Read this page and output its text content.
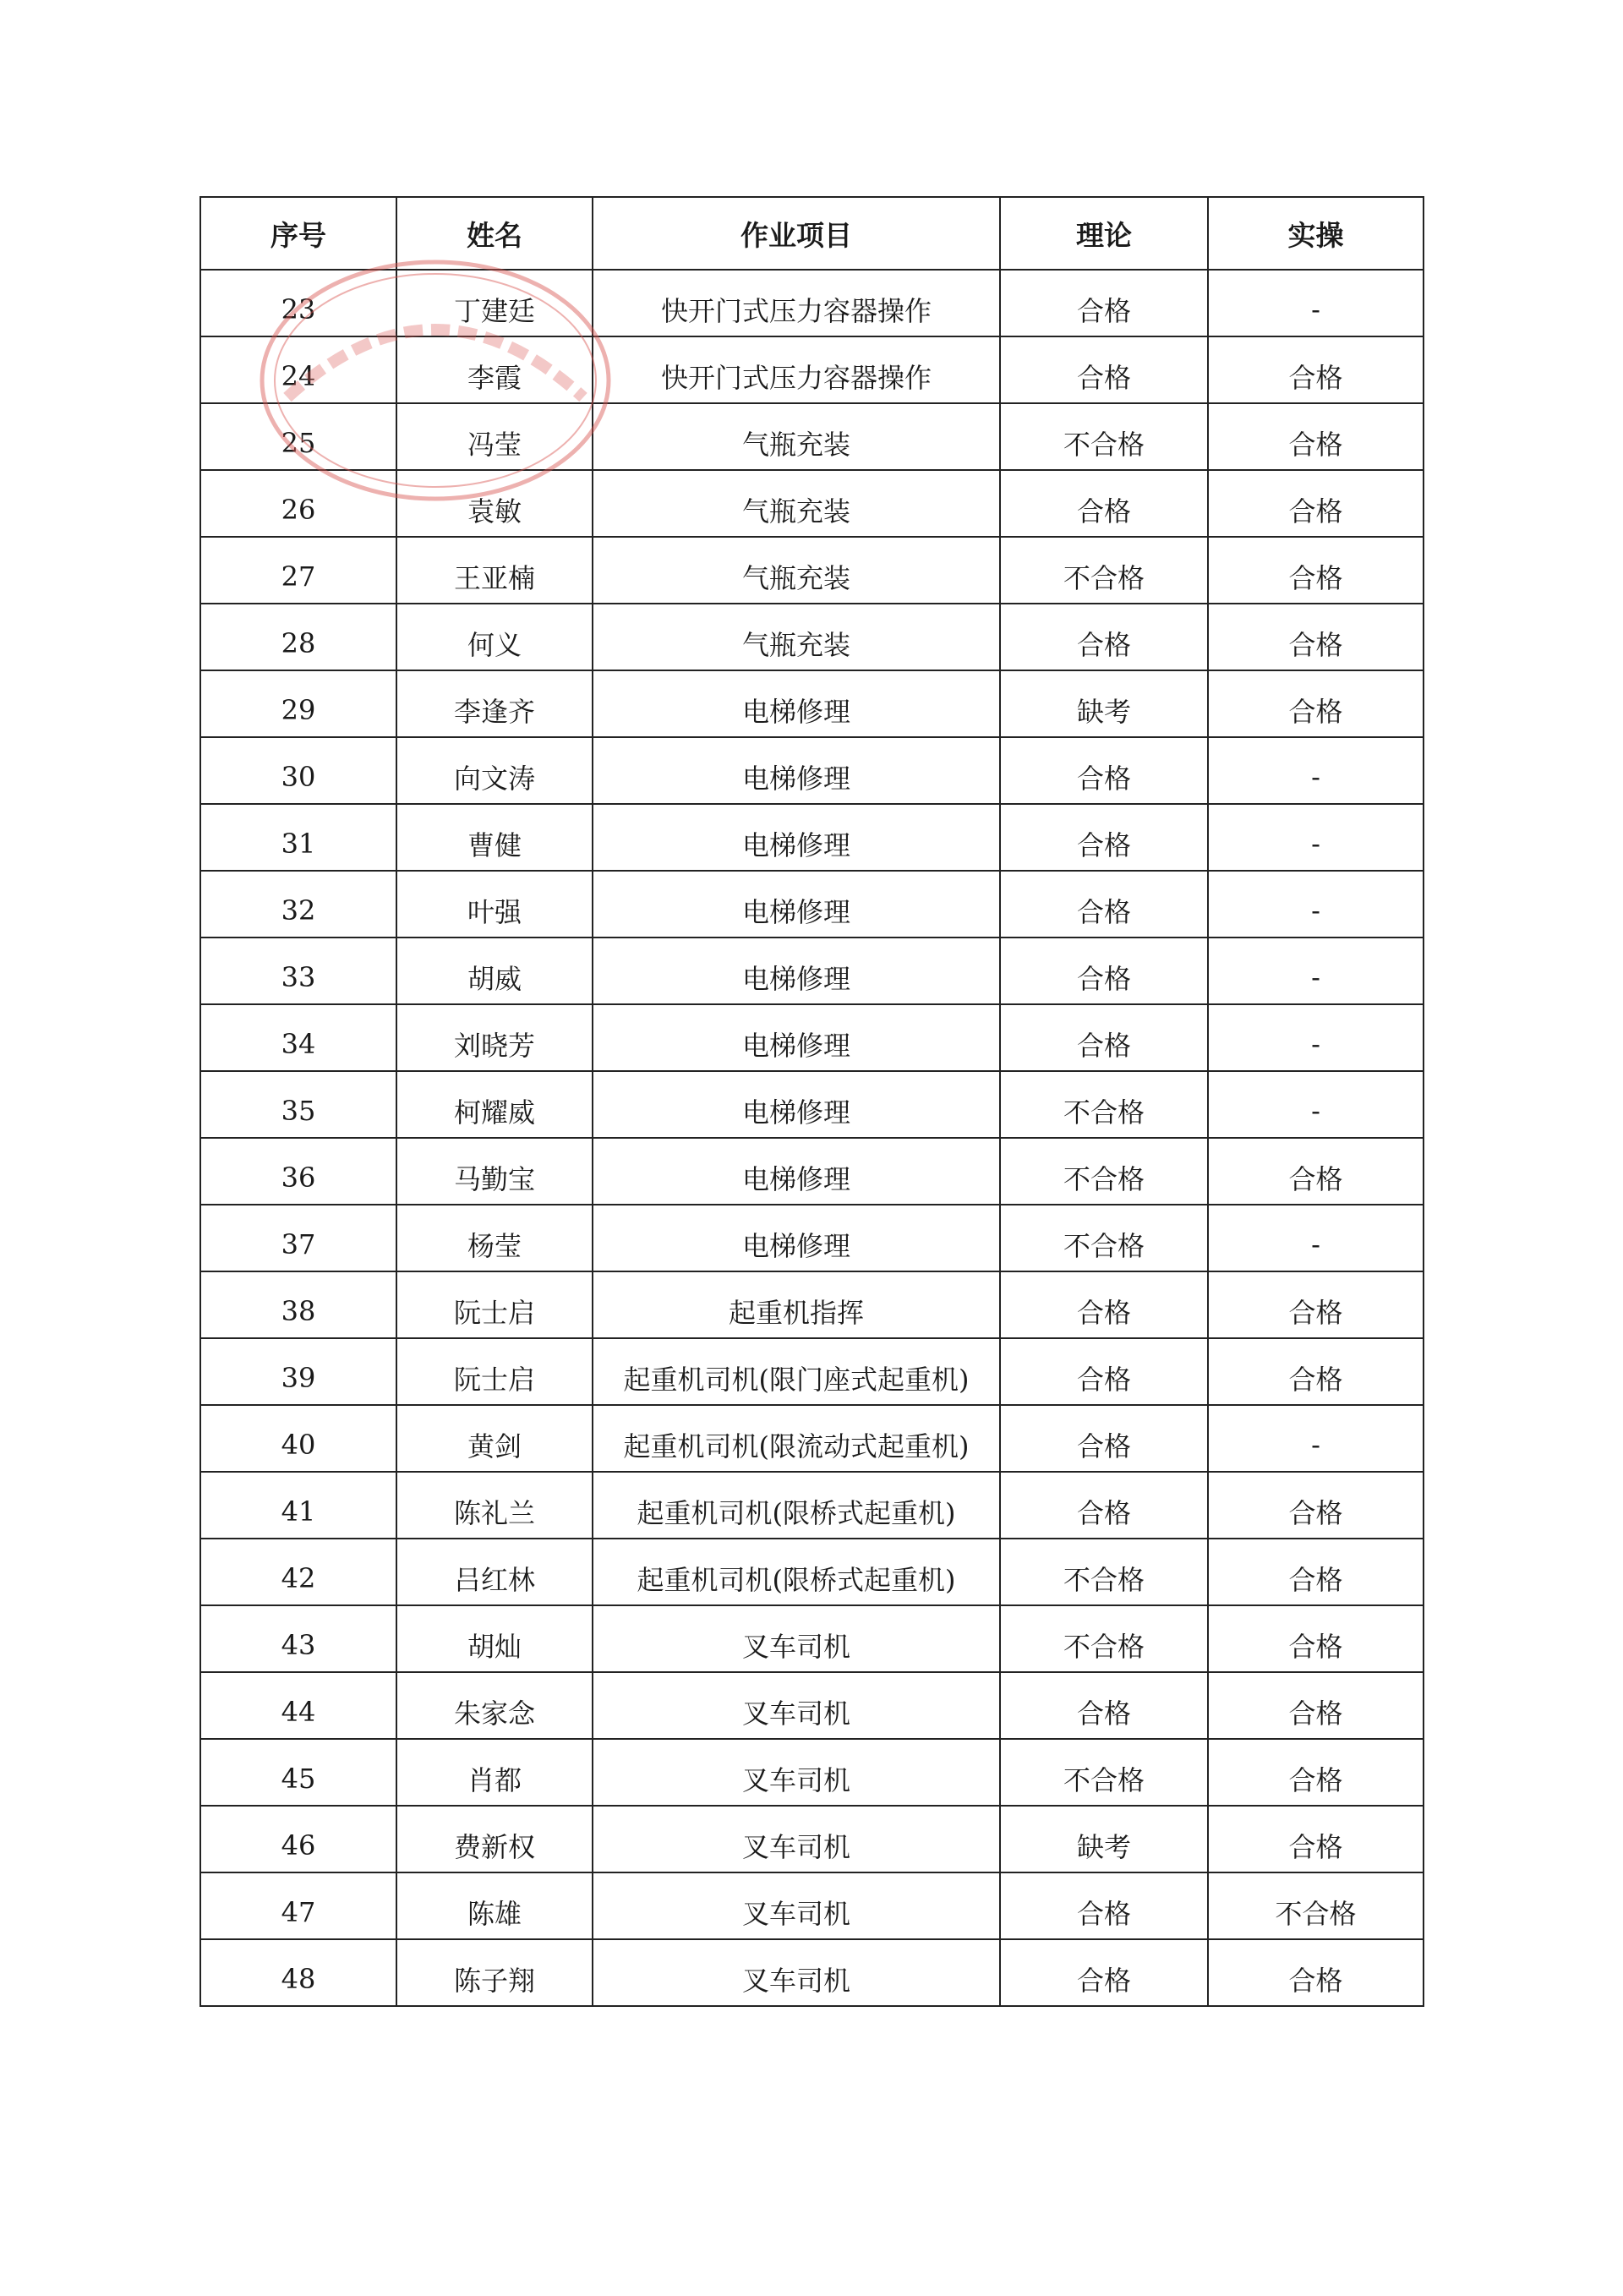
序号	姓名	作业项目	理论	实操
23	丁建廷	快开门式压力容器操作	合格	-
24	李霞	快开门式压力容器操作	合格	合格
25	冯莹	气瓶充装	不合格	合格
26	袁敏	气瓶充装	合格	合格
27	王亚楠	气瓶充装	不合格	合格
28	何义	气瓶充装	合格	合格
29	李逢齐	电梯修理	缺考	合格
30	向文涛	电梯修理	合格	-
31	曹健	电梯修理	合格	-
32	叶强	电梯修理	合格	-
33	胡威	电梯修理	合格	-
34	刘晓芳	电梯修理	合格	-
35	柯耀威	电梯修理	不合格	-
36	马勤宝	电梯修理	不合格	合格
37	杨莹	电梯修理	不合格	-
38	阮士启	起重机指挥	合格	合格
39	阮士启	起重机司机(限门座式起重机)	合格	合格
40	黄剑	起重机司机(限流动式起重机)	合格	-
41	陈礼兰	起重机司机(限桥式起重机)	合格	合格
42	吕红林	起重机司机(限桥式起重机)	不合格	合格
43	胡灿	叉车司机	不合格	合格
44	朱家念	叉车司机	合格	合格
45	肖都	叉车司机	不合格	合格
46	费新权	叉车司机	缺考	合格
47	陈雄	叉车司机	合格	不合格
48	陈子翔	叉车司机	合格	合格
